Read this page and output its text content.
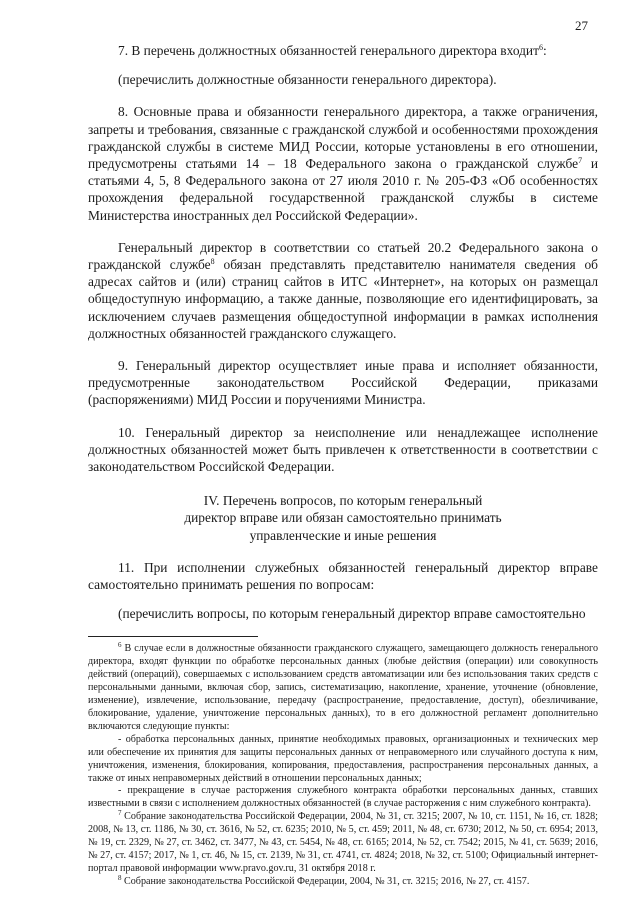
27

7. В перечень должностных обязанностей генерального директора входит$^6$:

(перечислить должностные обязанности генерального директора).

8. Основные права и обязанности генерального директора, а также ограничения, запреты и требования, связанные с гражданской службой и особенностями прохождения гражданской службы в системе МИД России, которые установлены в его отношении, предусмотрены статьями 14 – 18 Федерального закона о гражданской службе$^7$ и статьями 4, 5, 8 Федерального закона от 27 июля 2010 г. № 205-ФЗ «Об особенностях прохождения федеральной государственной гражданской службы в системе Министерства иностранных дел Российской Федерации».

Генеральный директор в соответствии со статьей 20.2 Федерального закона о гражданской службе$^8$ обязан представлять представителю нанимателя сведения об адресах сайтов и (или) страниц сайтов в ИТС «Интернет», на которых он размещал общедоступную информацию, а также данные, позволяющие его идентифицировать, за исключением случаев размещения общедоступной информации в рамках исполнения должностных обязанностей гражданского служащего.

9. Генеральный директор осуществляет иные права и исполняет обязанности, предусмотренные законодательством Российской Федерации, приказами (распоряжениями) МИД России и поручениями Министра.

10. Генеральный директор за неисполнение или ненадлежащее исполнение должностных обязанностей может быть привлечен к ответственности в соответствии с законодательством Российской Федерации.

IV. Перечень вопросов, по которым генеральный
директор вправе или обязан самостоятельно принимать
управленческие и иные решения

11. При исполнении служебных обязанностей генеральный директор вправе самостоятельно принимать решения по вопросам:

(перечислить вопросы, по которым генеральный директор вправе самостоятельно

$^6$ В случае если в должностные обязанности гражданского служащего, замещающего должность генерального директора, входят функции по обработке персональных данных (любые действия (операции) или совокупность действий (операций), совершаемых с использованием средств автоматизации или без использования таких средств с персональными данными, включая сбор, запись, систематизацию, накопление, хранение, уточнение (обновление, изменение), извлечение, использование, передачу (распространение, предоставление, доступ), обезличивание, блокирование, удаление, уничтожение персональных данных), то в его должностной регламент дополнительно включаются следующие пункты:

- обработка персональных данных, принятие необходимых правовых, организационных и технических мер или обеспечение их принятия для защиты персональных данных от неправомерного или случайного доступа к ним, уничтожения, изменения, блокирования, копирования, предоставления, распространения персональных данных, а также от иных неправомерных действий в отношении персональных данных;

- прекращение в случае расторжения служебного контракта обработки персональных данных, ставших известными в связи с исполнением должностных обязанностей (в случае расторжения с ним служебного контракта).

$^7$ Собрание законодательства Российской Федерации, 2004, № 31, ст. 3215; 2007, № 10, ст. 1151, № 16, ст. 1828; 2008, № 13, ст. 1186, № 30, ст. 3616, № 52, ст. 6235; 2010, № 5, ст. 459; 2011, № 48, ст. 6730; 2012, № 50, ст. 6954; 2013, № 19, ст. 2329, № 27, ст. 3462, ст. 3477, № 43, ст. 5454, № 48, ст. 6165; 2014, № 52, ст. 7542; 2015, № 41, ст. 5639; 2016, № 27, ст. 4157; 2017, № 1, ст. 46, № 15, ст. 2139, № 31, ст. 4741, ст. 4824; 2018, № 32, ст. 5100; Официальный интернет-портал правовой информации www.pravo.gov.ru, 31 октября 2018 г.

$^8$ Собрание законодательства Российской Федерации, 2004, № 31, ст. 3215; 2016, № 27, ст. 4157.
